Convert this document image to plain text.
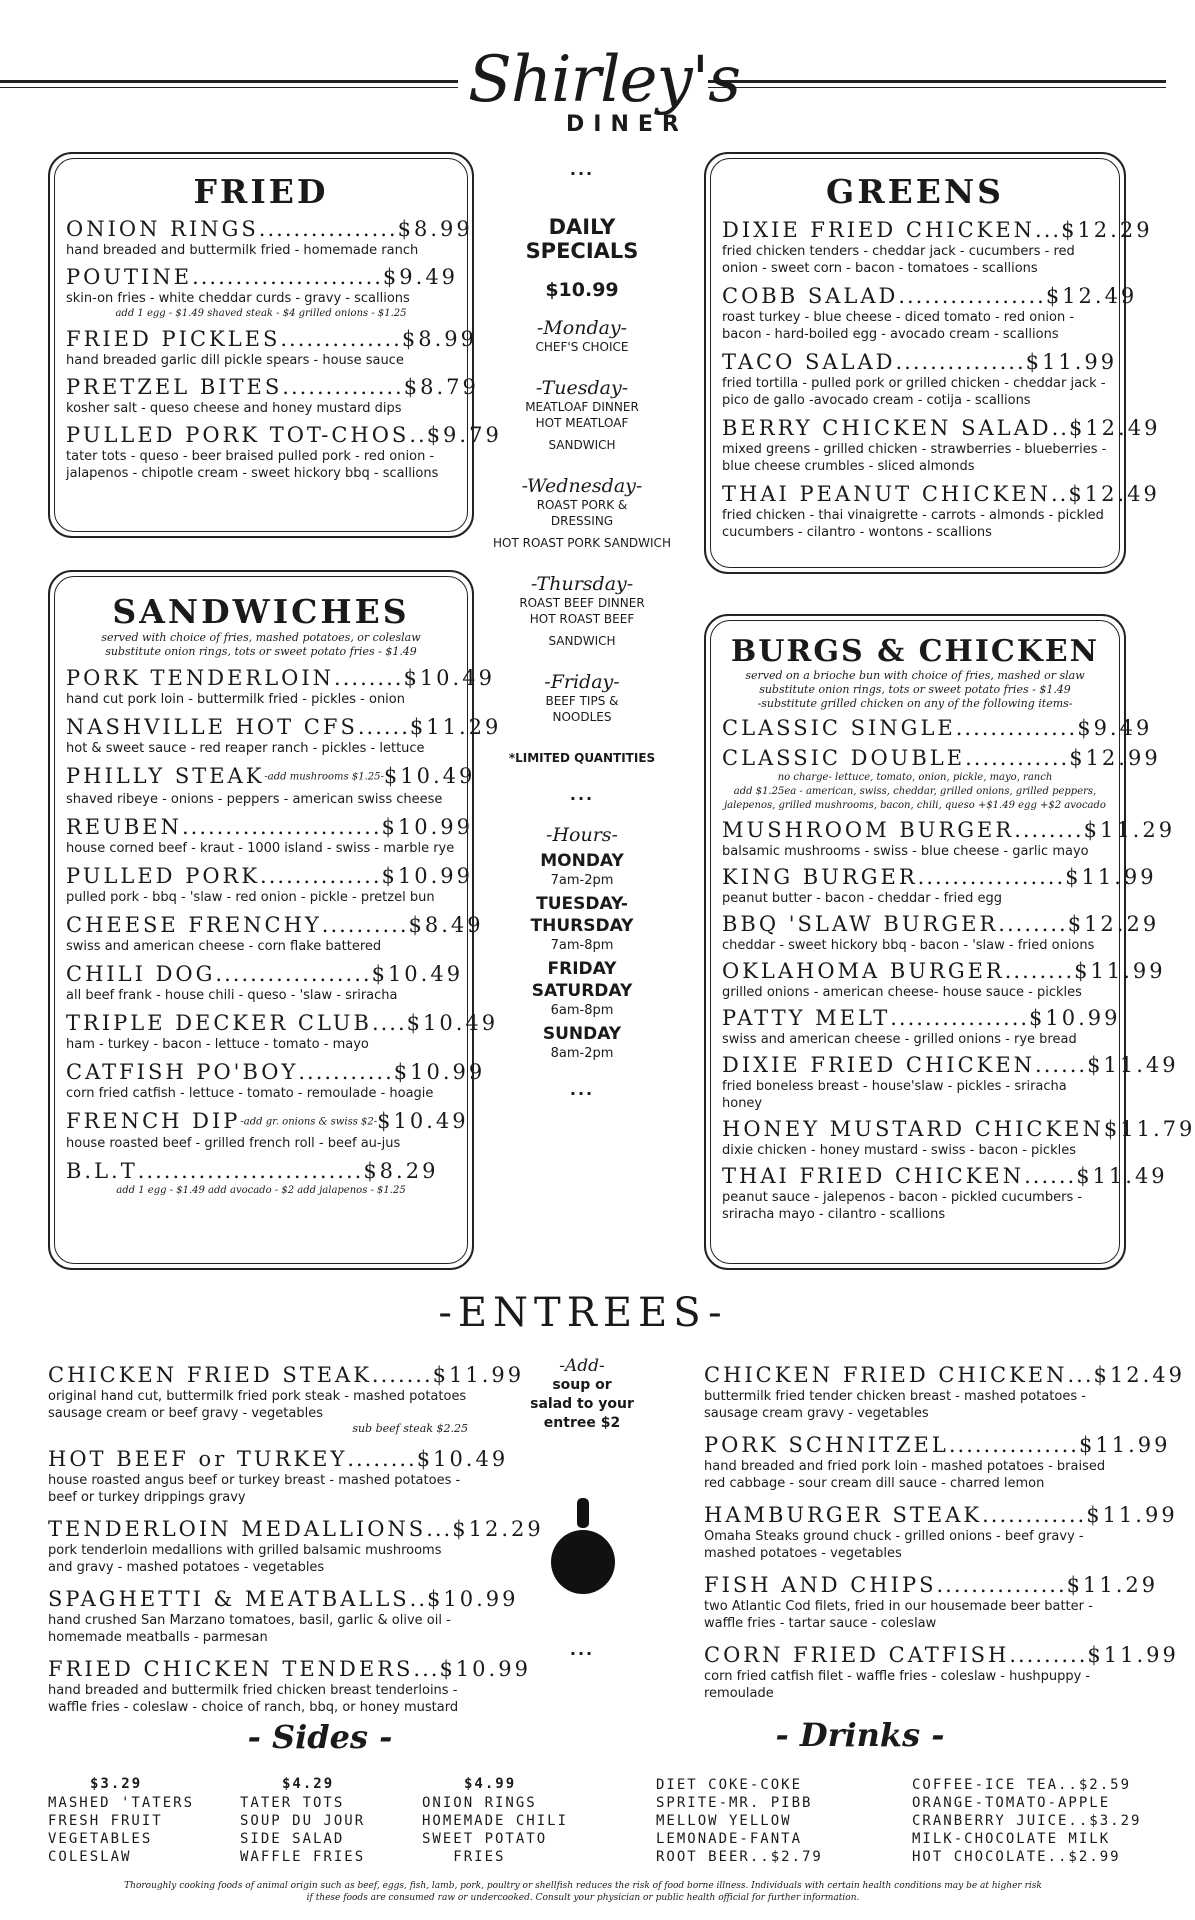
Shirley's
DINER
FRIED
ONION RINGS................$8.99
hand breaded and buttermilk fried - homemade ranch
POUTINE......................$9.49
skin-on fries - white cheddar curds - gravy - scallions
add 1 egg - $1.49 shaved steak - $4 grilled onions - $1.25
FRIED PICKLES..............$8.99
hand breaded garlic dill pickle spears - house sauce
PRETZEL BITES..............$8.79
kosher salt - queso cheese and honey mustard dips
PULLED PORK TOT-CHOS..$9.79
tater tots - queso - beer braised pulled pork - red onion - jalapenos - chipotle cream - sweet hickory bbq - scallions
SANDWICHES
served with choice of fries, mashed potatoes, or coleslaw
substitute onion rings, tots or sweet potato fries - $1.49
PORK TENDERLOIN........$10.49
hand cut pork loin - buttermilk fried - pickles - onion
NASHVILLE HOT CFS......$11.29
hot & sweet sauce - red reaper ranch - pickles - lettuce
PHILLY STEAK-add mushrooms $1.25-$10.49
shaved ribeye - onions - peppers - american swiss cheese
REUBEN.......................$10.99
house corned beef - kraut - 1000 island - swiss - marble rye
PULLED PORK..............$10.99
pulled pork - bbq - 'slaw - red onion - pickle - pretzel bun
CHEESE FRENCHY..........$8.49
swiss and american cheese - corn flake battered
CHILI DOG..................$10.49
all beef frank - house chili - queso - 'slaw - sriracha
TRIPLE DECKER CLUB....$10.49
ham - turkey - bacon - lettuce - tomato - mayo
CATFISH PO'BOY...........$10.99
corn fried catfish - lettuce - tomato - remoulade - hoagie
FRENCH DIP-add gr. onions & swiss $2-$10.49
house roasted beef - grilled french roll - beef au-jus
B.L.T..........................$8.29
add 1 egg - $1.49 add avocado - $2 add jalapenos - $1.25
...
DAILY
SPECIALS
$10.99
-Monday-
CHEF'S CHOICE
-Tuesday-
MEATLOAF DINNER
HOT MEATLOAF
SANDWICH
-Wednesday-
ROAST PORK &
DRESSING
HOT ROAST PORK SANDWICH
-Thursday-
ROAST BEEF DINNER
HOT ROAST BEEF
SANDWICH
-Friday-
BEEF TIPS &
NOODLES
*LIMITED QUANTITIES
...
-Hours-
MONDAY
7am-2pm
TUESDAY- THURSDAY
7am-8pm
FRIDAY SATURDAY
6am-8pm
SUNDAY
8am-2pm
...
GREENS
DIXIE FRIED CHICKEN...$12.29
fried chicken tenders - cheddar jack - cucumbers - red onion - sweet corn - bacon - tomatoes - scallions
COBB SALAD.................$12.49
roast turkey - blue cheese - diced tomato - red onion - bacon - hard-boiled egg - avocado cream - scallions
TACO SALAD...............$11.99
fried tortilla - pulled pork or grilled chicken - cheddar jack - pico de gallo -avocado cream - cotija - scallions
BERRY CHICKEN SALAD..$12.49
mixed greens - grilled chicken - strawberries - blueberries - blue cheese crumbles - sliced almonds
THAI PEANUT CHICKEN..$12.49
fried chicken - thai vinaigrette - carrots - almonds - pickled cucumbers - cilantro - wontons - scallions
BURGS & CHICKEN
served on a brioche bun with choice of fries, mashed or slaw
substitute onion rings, tots or sweet potato fries - $1.49
-substitute grilled chicken on any of the following items-
CLASSIC SINGLE..............$9.49
CLASSIC DOUBLE............$12.99
no charge- lettuce, tomato, onion, pickle, mayo, ranch
add $1.25ea - american, swiss, cheddar, grilled onions, grilled peppers,
jalepenos, grilled mushrooms, bacon, chili, queso +$1.49 egg +$2 avocado
MUSHROOM BURGER........$11.29
balsamic mushrooms - swiss - blue cheese - garlic mayo
KING BURGER.................$11.99
peanut butter - bacon - cheddar - fried egg
BBQ 'SLAW BURGER........$12.29
cheddar - sweet hickory bbq - bacon - 'slaw - fried onions
OKLAHOMA BURGER........$11.99
grilled onions - american cheese- house sauce - pickles
PATTY MELT................$10.99
swiss and american cheese - grilled onions - rye bread
DIXIE FRIED CHICKEN......$11.49
fried boneless breast - house'slaw - pickles - sriracha honey
HONEY MUSTARD CHICKEN$11.79
dixie chicken - honey mustard - swiss - bacon - pickles
THAI FRIED CHICKEN......$11.49
peanut sauce - jalepenos - bacon - pickled cucumbers - sriracha mayo - cilantro - scallions
-ENTREES-
CHICKEN FRIED STEAK.......$11.99
original hand cut, buttermilk fried pork steak - mashed potatoes sausage cream or beef gravy - vegetables
sub beef steak $2.25
HOT BEEF or TURKEY........$10.49
house roasted angus beef or turkey breast - mashed potatoes - beef or turkey drippings gravy
TENDERLOIN MEDALLIONS...$12.29
pork tenderloin medallions with grilled balsamic mushrooms and gravy - mashed potatoes - vegetables
SPAGHETTI & MEATBALLS..$10.99
hand crushed San Marzano tomatoes, basil, garlic & olive oil - homemade meatballs - parmesan
FRIED CHICKEN TENDERS...$10.99
hand breaded and buttermilk fried chicken breast tenderloins - waffle fries - coleslaw - choice of ranch, bbq, or honey mustard
CHICKEN FRIED CHICKEN...$12.49
buttermilk fried tender chicken breast - mashed potatoes - sausage cream gravy - vegetables
PORK SCHNITZEL...............$11.99
hand breaded and fried pork loin - mashed potatoes - braised red cabbage - sour cream dill sauce - charred lemon
HAMBURGER STEAK............$11.99
Omaha Steaks ground chuck - grilled onions - beef gravy - mashed potatoes - vegetables
FISH AND CHIPS...............$11.29
two Atlantic Cod filets, fried in our housemade beer batter - waffle fries - tartar sauce - coleslaw
CORN FRIED CATFISH.........$11.99
corn fried catfish filet - waffle fries - coleslaw - hushpuppy - remoulade
-Add-
soup or
salad to your
entree $2
...
- Sides -
$3.29
MASHED 'TATERS
FRESH FRUIT
VEGETABLES
COLESLAW
$4.29
TATER TOTS
SOUP DU JOUR
SIDE SALAD
WAFFLE FRIES
$4.99
ONION RINGS
HOMEMADE CHILI
SWEET POTATO
FRIES
- Drinks -
DIET COKE-COKE
SPRITE-MR. PIBB
MELLOW YELLOW
LEMONADE-FANTA
ROOT BEER..$2.79
COFFEE-ICE TEA..$2.59
ORANGE-TOMATO-APPLE
CRANBERRY JUICE..$3.29
MILK-CHOCOLATE MILK
HOT CHOCOLATE..$2.99
Thoroughly cooking foods of animal origin such as beef, eggs, fish, lamb, pork, poultry or shellfish reduces the risk of food borne illness. Individuals with certain health conditions may be at higher risk
if these foods are consumed raw or undercooked. Consult your physician or public health official for further information.
